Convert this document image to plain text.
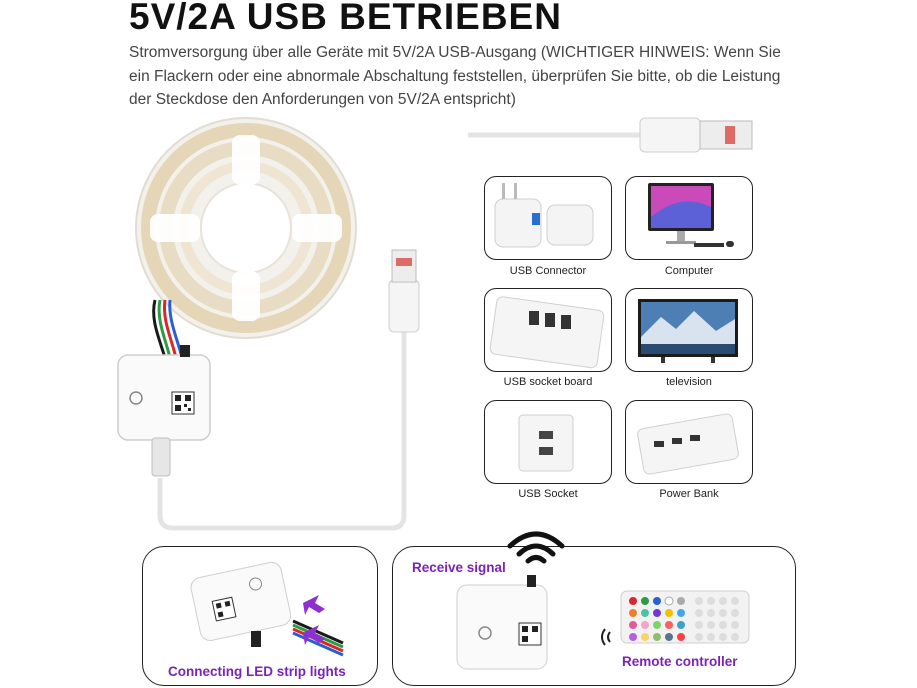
5V/2A USB BETRIEBEN
Stromversorgung über alle Geräte mit 5V/2A USB-Ausgang (WICHTIGER HINWEIS: Wenn Sie ein Flackern oder eine abnormale Abschaltung feststellen, überprüfen Sie bitte, ob die Leistung der Steckdose den Anforderungen von 5V/2A entspricht)
USB Connector	Computer
USB socket board	television
USB Socket	Power Bank
Connecting LED strip lights
Receive signal
Remote controller
